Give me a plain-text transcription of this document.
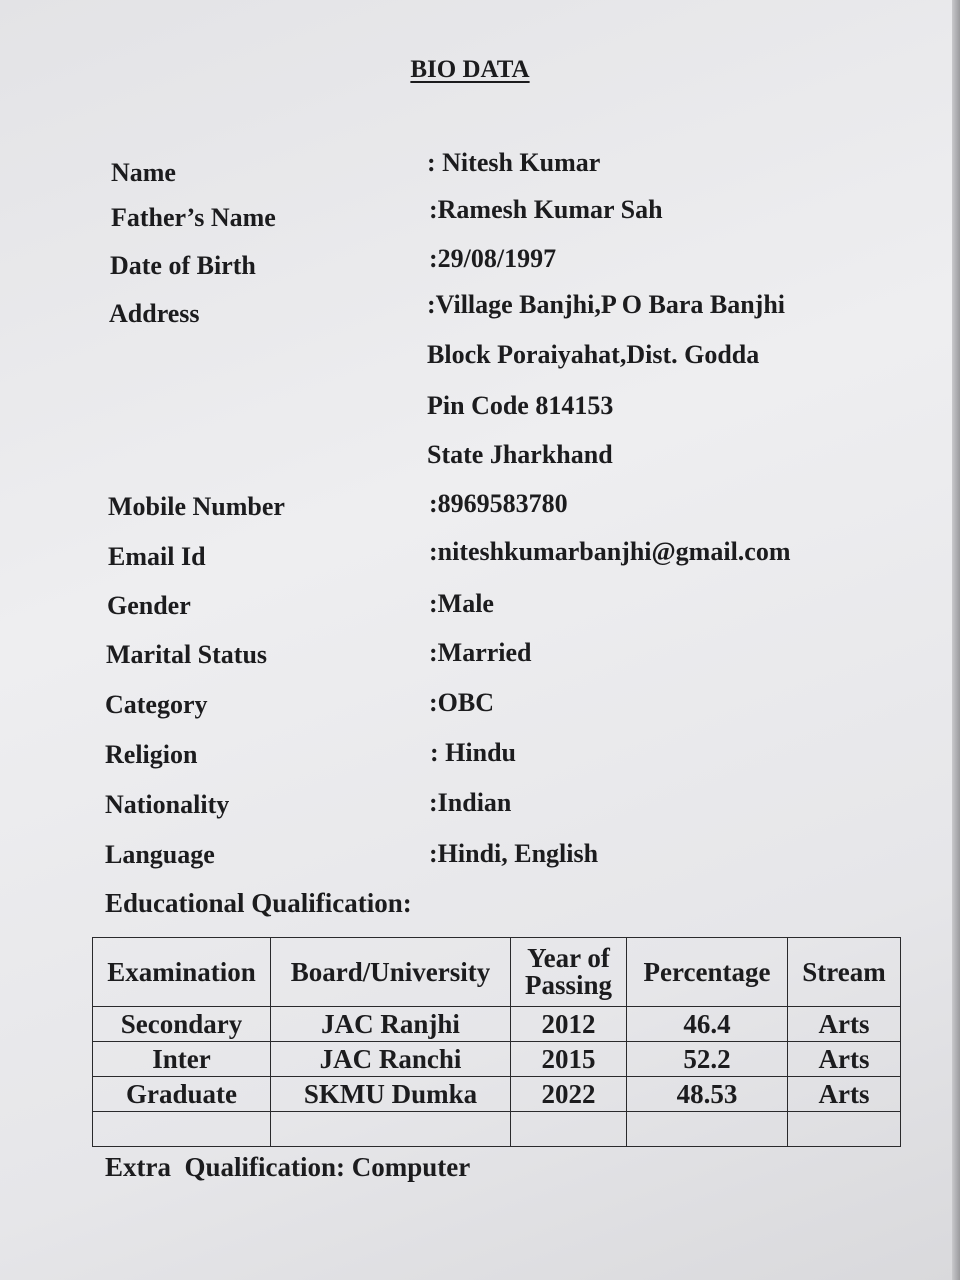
BIO DATA
Name	: Nitesh Kumar
Father’s Name	:Ramesh Kumar Sah
Date of Birth	:29/08/1997
Address	:Village Banjhi,P O Bara Banjhi
Block Poraiyahat,Dist. Godda
Pin Code 814153
State Jharkhand
Mobile Number	:8969583780
Email Id	:niteshkumarbanjhi@gmail.com
Gender	:Male
Marital Status	:Married
Category	:OBC
Religion	: Hindu
Nationality	:Indian
Language	:Hindi, English
Educational Qualification:
Examination	Board/University	Year of Passing	Percentage	Stream
Secondary	JAC Ranjhi	2012	46.4	Arts
Inter	JAC Ranchi	2015	52.2	Arts
Graduate	SKMU Dumka	2022	48.53	Arts

Extra  Qualification: Computer
